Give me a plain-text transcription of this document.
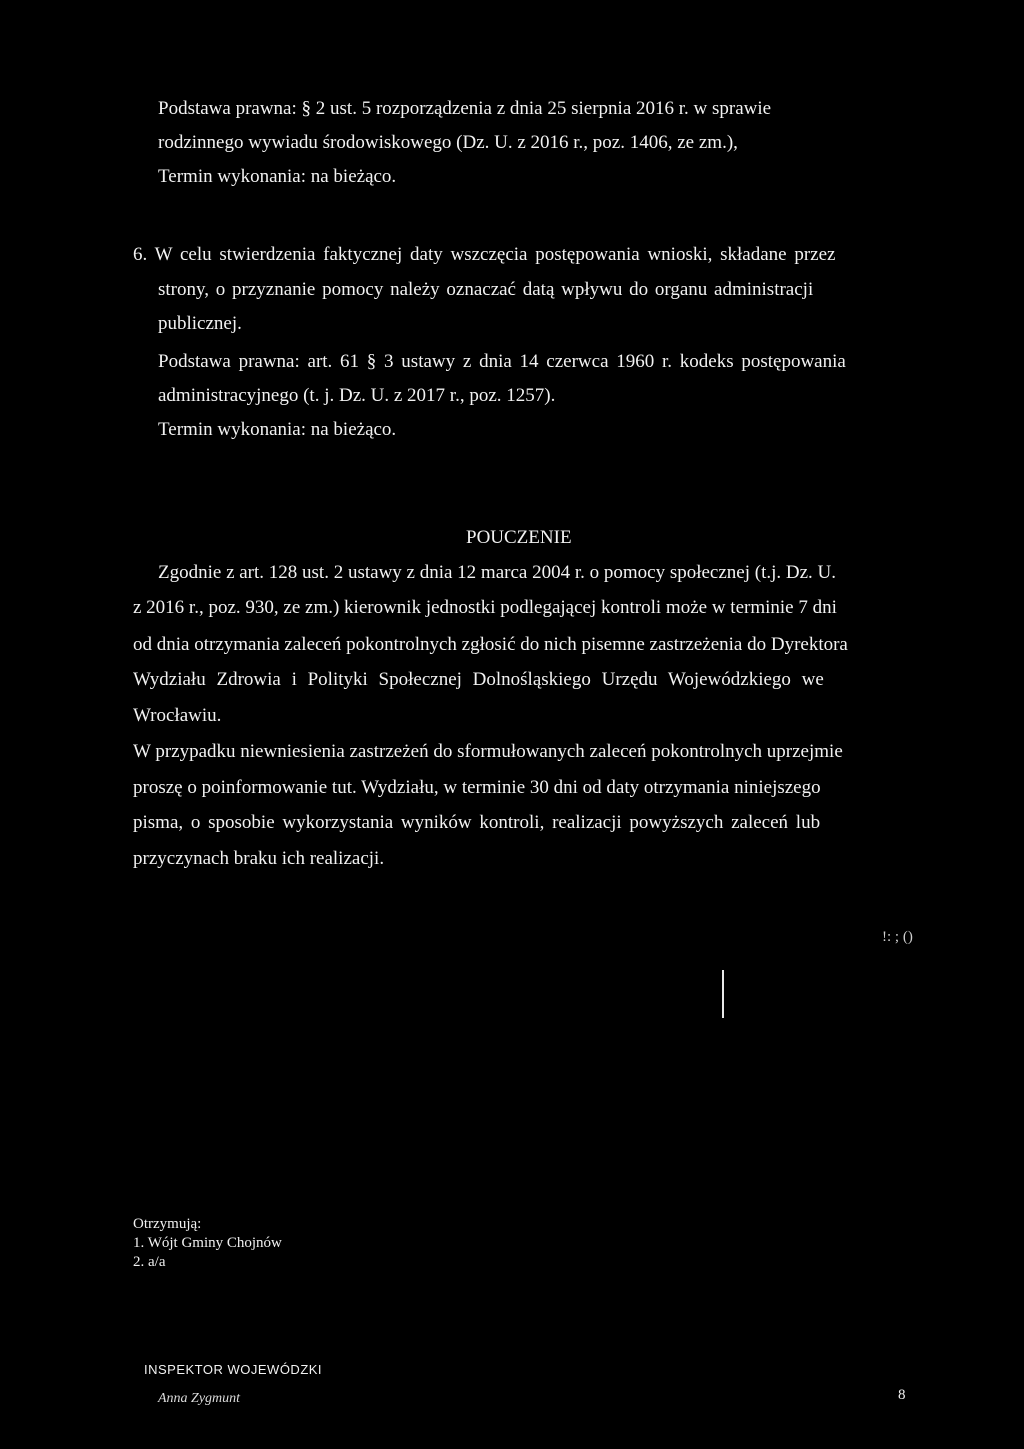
Podstawa prawna: § 2 ust. 5 rozporządzenia z dnia 25 sierpnia 2016 r. w sprawie
rodzinnego wywiadu środowiskowego (Dz. U. z 2016 r., poz. 1406, ze zm.),
Termin wykonania: na bieżąco.
6. W celu stwierdzenia faktycznej daty wszczęcia postępowania wnioski, składane przez
strony, o przyznanie pomocy należy oznaczać datą wpływu do organu administracji
publicznej.
Podstawa prawna: art. 61 § 3 ustawy z dnia 14 czerwca 1960 r. kodeks postępowania
administracyjnego (t. j. Dz. U. z 2017 r., poz. 1257).
Termin wykonania: na bieżąco.
POUCZENIE
Zgodnie z art. 128 ust. 2 ustawy z dnia 12 marca 2004 r. o pomocy społecznej (t.j. Dz. U.
z 2016 r., poz. 930, ze zm.) kierownik jednostki podlegającej kontroli może w terminie 7 dni
od dnia otrzymania zaleceń pokontrolnych zgłosić do nich pisemne zastrzeżenia do Dyrektora
Wydziału Zdrowia i Polityki Społecznej Dolnośląskiego Urzędu Wojewódzkiego we
Wrocławiu.
W przypadku niewniesienia zastrzeżeń do sformułowanych zaleceń pokontrolnych uprzejmie
proszę o poinformowanie tut. Wydziału, w terminie 30 dni od daty otrzymania niniejszego
pisma, o sposobie wykorzystania wyników kontroli, realizacji powyższych zaleceń lub
przyczynach braku ich realizacji.
!: ; ()
Otrzymują:
1. Wójt Gminy Chojnów
2. a/a
INSPEKTOR WOJEWÓDZKI
Anna Zygmunt	8
